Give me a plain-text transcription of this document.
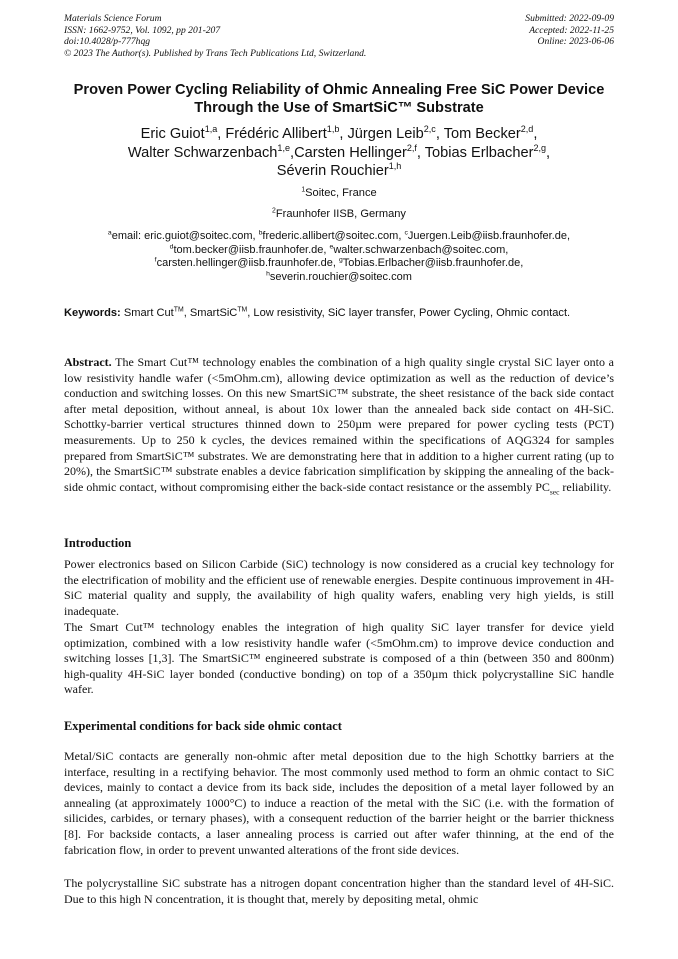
Materials Science Forum
ISSN: 1662-9752, Vol. 1092, pp 201-207
doi:10.4028/p-777hqg
© 2023 The Author(s). Published by Trans Tech Publications Ltd, Switzerland.
Submitted: 2022-09-09
Accepted: 2022-11-25
Online: 2023-06-06
Proven Power Cycling Reliability of Ohmic Annealing Free SiC Power Device Through the Use of SmartSiC™ Substrate
Eric Guiot$^{1,a}$, Frédéric Allibert$^{1,b}$, Jürgen Leib$^{2,c}$, Tom Becker$^{2,d}$,
Walter Schwarzenbach$^{1,e}$,Carsten Hellinger$^{2,f}$, Tobias Erlbacher$^{2,g}$,
Séverin Rouchier$^{1,h}$
$^1$Soitec, France
$^2$Fraunhofer IISB, Germany
$^a$email: eric.guiot@soitec.com, $^b$frederic.allibert@soitec.com, $^c$Juergen.Leib@iisb.fraunhofer.de,
$^d$tom.becker@iisb.fraunhofer.de, $^e$walter.schwarzenbach@soitec.com,
$^f$carsten.hellinger@iisb.fraunhofer.de, $^g$Tobias.Erlbacher@iisb.fraunhofer.de,
$^h$severin.rouchier@soitec.com
Keywords: Smart Cut™, SmartSiC™, Low resistivity, SiC layer transfer, Power Cycling, Ohmic contact.

Abstract. The Smart Cut™ technology enables the combination of a high quality single crystal SiC layer onto a low resistivity handle wafer (<5mOhm.cm), allowing device optimization as well as the reduction of device’s conduction and switching losses. On this new SmartSiC™ substrate, the sheet resistance of the back side contact after metal deposition, without anneal, is about 10x lower than the annealed back side contact on 4H-SiC. Schottky-barrier vertical structures thinned down to 250µm were prepared for power cycling tests (PCT) measurements. Up to 250 k cycles, the devices remained within the specifications of AQG324 for samples prepared from SmartSiC™ substrates. We are demonstrating here that in addition to a higher current rating (up to 20%), the SmartSiC™ substrate enables a device fabrication simplification by skipping the annealing of the back-side ohmic contact, without compromising either the back-side contact resistance or the assembly $PC_{sec}$ reliability.

Introduction
Power electronics based on Silicon Carbide (SiC) technology is now considered as a crucial key technology for the electrification of mobility and the efficient use of renewable energies. Despite continuous improvement in 4H-SiC material quality and supply, the availability of high quality wafers, enabling very high yields, is still inadequate.
The Smart Cut™ technology enables the integration of high quality SiC layer transfer for device yield optimization, combined with a low resistivity handle wafer (<5mOhm.cm) to improve device conduction and switching losses [1,3]. The SmartSiC™ engineered substrate is composed of a thin (between 350 and 800nm) high-quality 4H-SiC layer bonded (conductive bonding) on top of a 350µm thick polycrystalline SiC handle wafer.
Experimental conditions for back side ohmic contact
Metal/SiC contacts are generally non-ohmic after metal deposition due to the high Schottky barriers at the interface, resulting in a rectifying behavior. The most commonly used method to form an ohmic contact to SiC devices, mainly to contact a device from its back side, includes the deposition of a metal layer followed by an annealing (at approximately 1000°C) to induce a reaction of the metal with the SiC (i.e. with the formation of silicides, carbides, or ternary phases), with a consequent reduction of the barrier height or the barrier thickness [8]. For backside contacts, a laser annealing process is carried out after wafer thinning, at the end of the fabrication flow, in order to prevent unwanted alterations of the front side devices.
The polycrystalline SiC substrate has a nitrogen dopant concentration higher than the standard level of 4H-SiC. Due to this high N concentration, it is thought that, merely by depositing metal, ohmic
